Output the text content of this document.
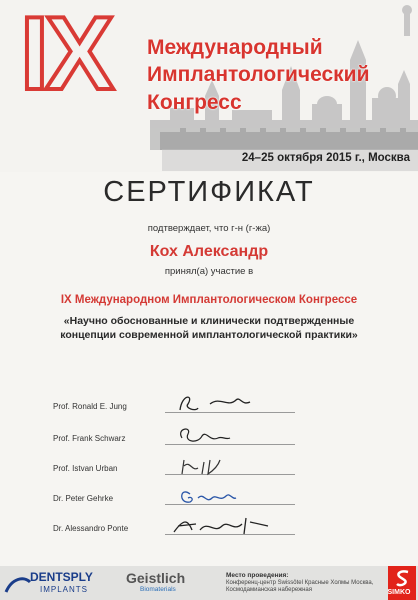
IX Международный
Имплантологический
Конгресс
24–25 октября 2015 г., Москва
СЕРТИФИКАТ
подтверждает, что г-н (г-жа)
Кох Александр
принял(а) участие в
IX Международном Имплантологическом Конгрессе
«Научно обоснованные и клинически подтвержденные концепции современной имплантологической практики»
Prof. Ronald E. Jung
Prof. Frank Schwarz
Prof. Istvan Urban
Dr. Peter Gehrke
Dr. Alessandro Ponte
DENTSPLY
IMPLANTS
Geistlich
Biomaterials
Место проведения:
Конференц-центр Swissôtel Красные Холмы Москва, Космодамианская набережная	SIMKO
